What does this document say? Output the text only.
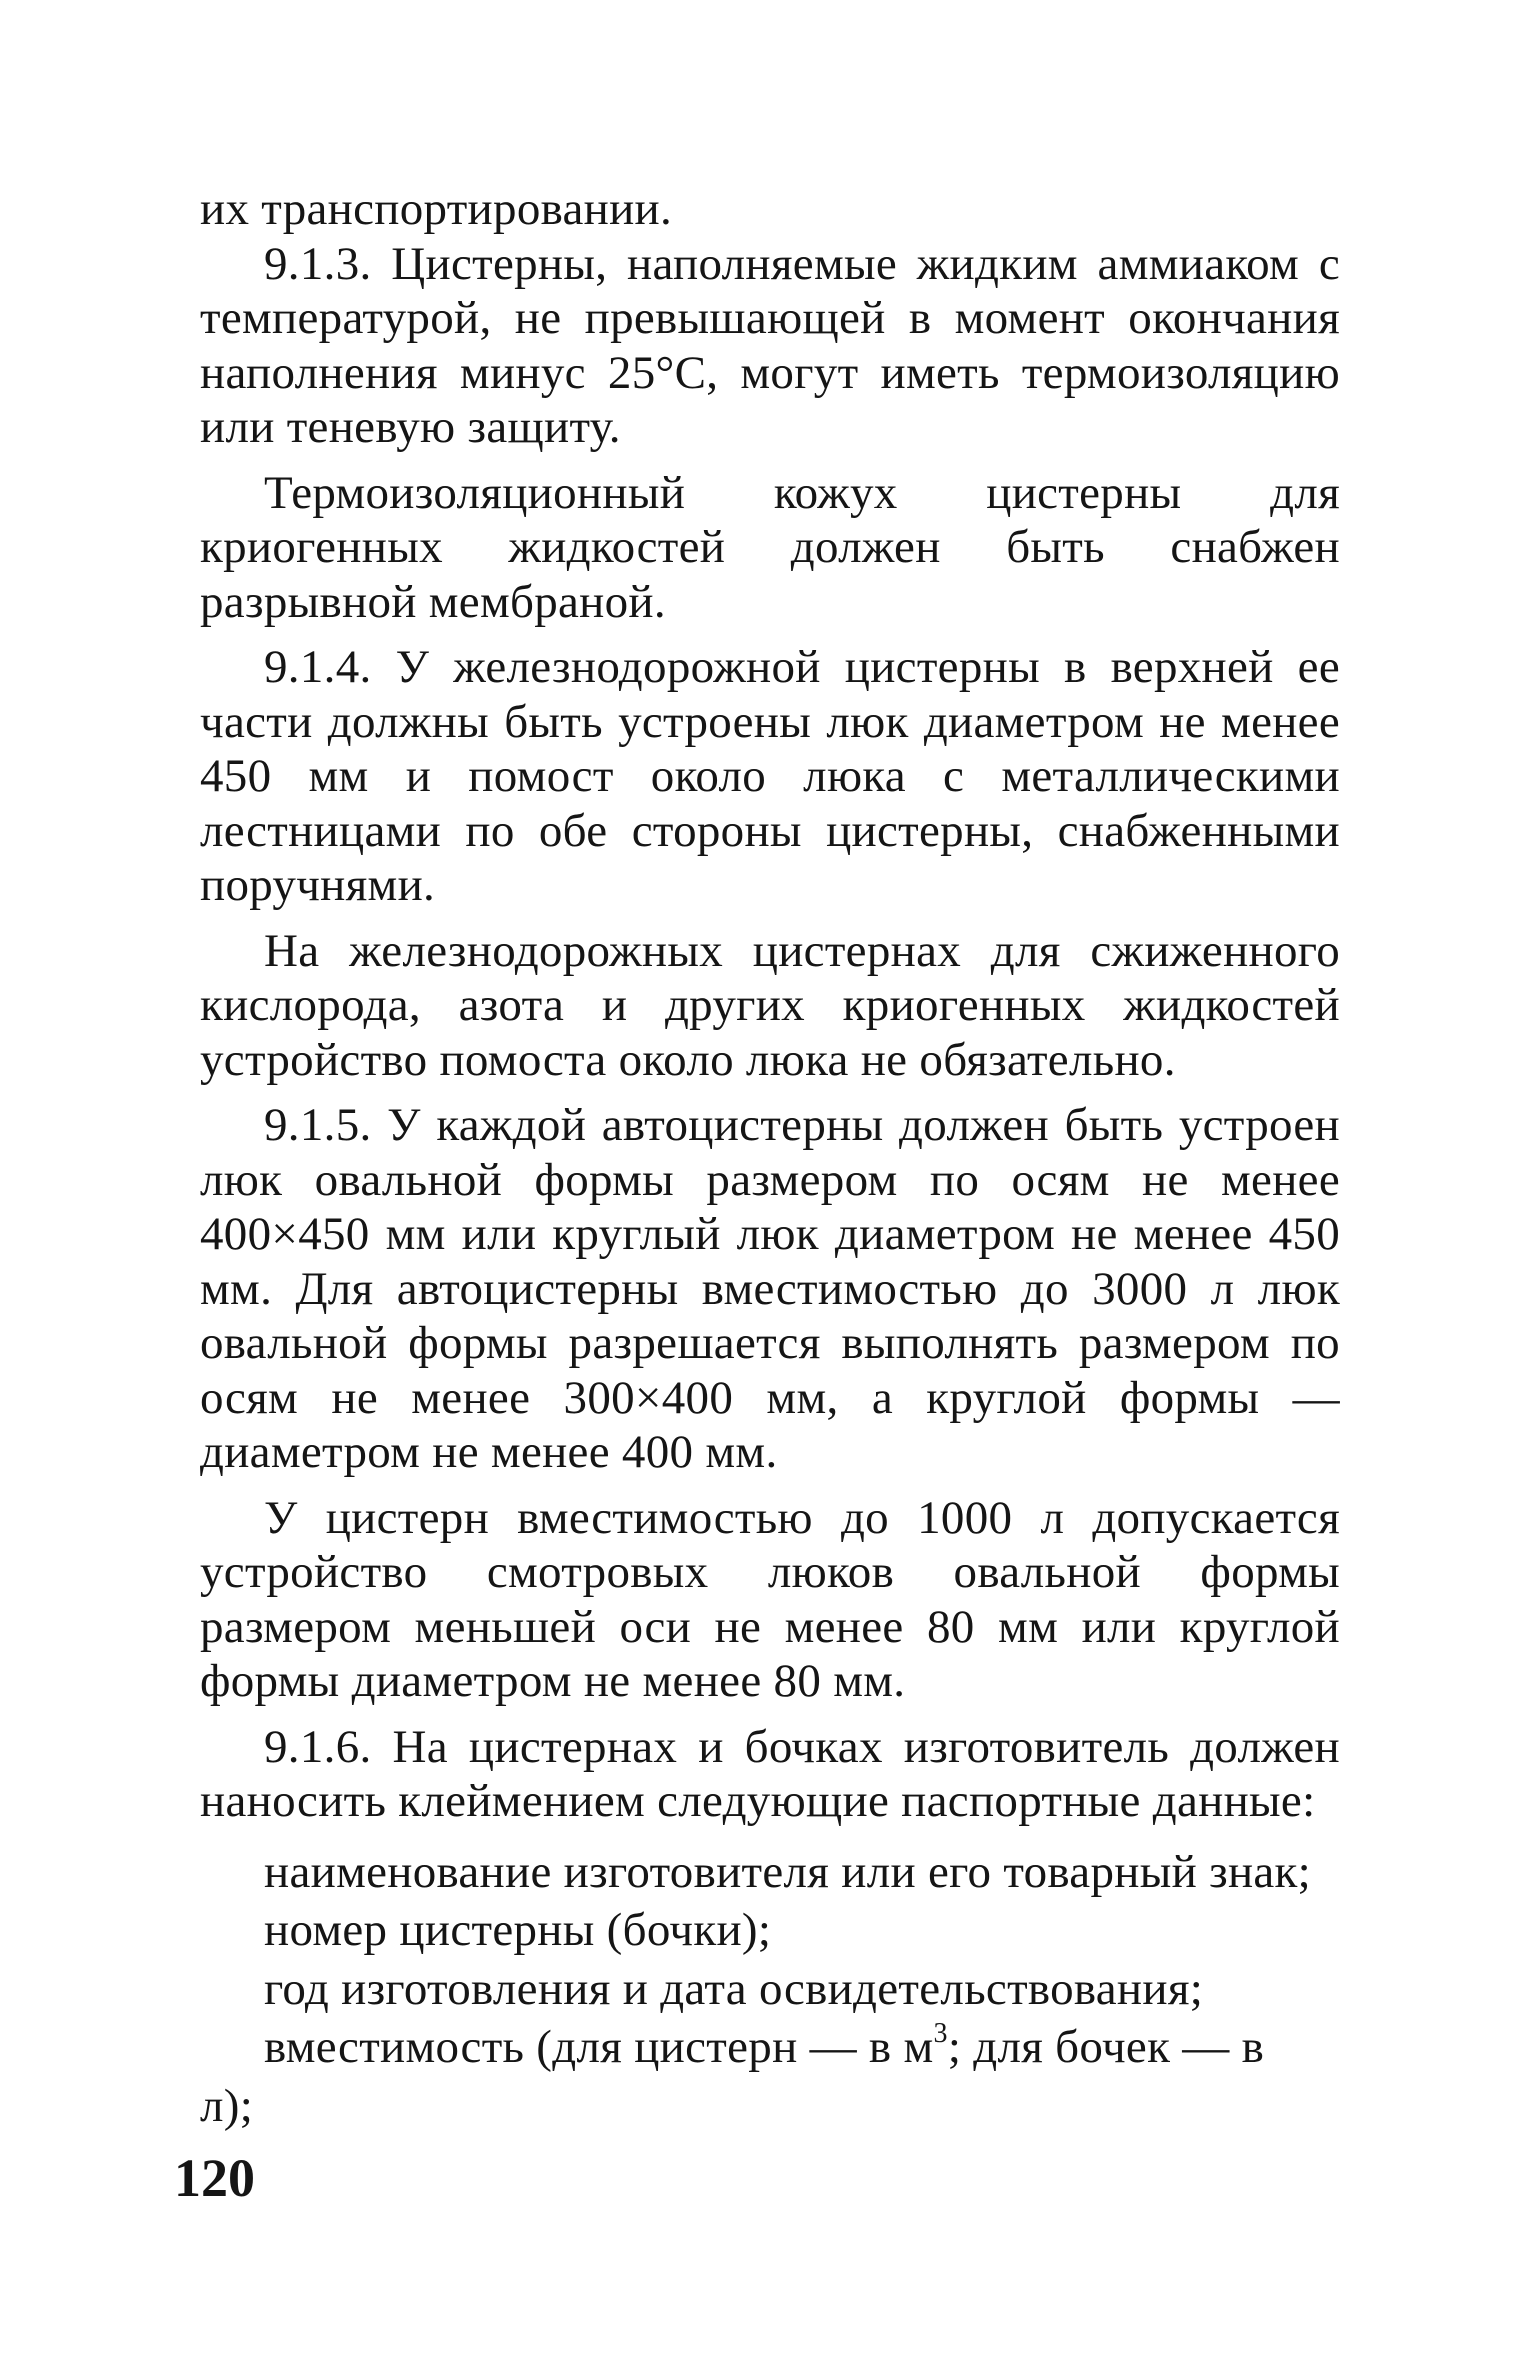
их транспортировании.

9.1.3. Цистерны, наполняемые жидким аммиаком с температурой, не превышающей в момент окончания наполнения минус 25°С, могут иметь термоизоляцию или теневую защиту.

Термоизоляционный кожух цистерны для криогенных жидкостей должен быть снабжен разрывной мембраной.

9.1.4. У железнодорожной цистерны в верхней ее части должны быть устроены люк диаметром не менее 450 мм и помост около люка с металлическими лестницами по обе стороны цистерны, снабженными поручнями.

На железнодорожных цистернах для сжиженного кислорода, азота и других криогенных жидкостей устройство помоста около люка не обязательно.

9.1.5. У каждой автоцистерны должен быть устроен люк овальной формы размером по осям не менее 400×450 мм или круглый люк диаметром не менее 450 мм. Для автоцистерны вместимостью до 3000 л люк овальной формы разрешается выполнять размером по осям не менее 300×400 мм, а круглой формы — диаметром не менее 400 мм.

У цистерн вместимостью до 1000 л допускается устройство смотровых люков овальной формы размером меньшей оси не менее 80 мм или круглой формы диаметром не менее 80 мм.

9.1.6. На цистернах и бочках изготовитель должен наносить клеймением следующие паспортные данные:

наименование изготовителя или его товарный знак;

номер цистерны (бочки);

год изготовления и дата освидетельствования;

вместимость (для цистерн — в $м^3$; для бочек — в

л);

120
